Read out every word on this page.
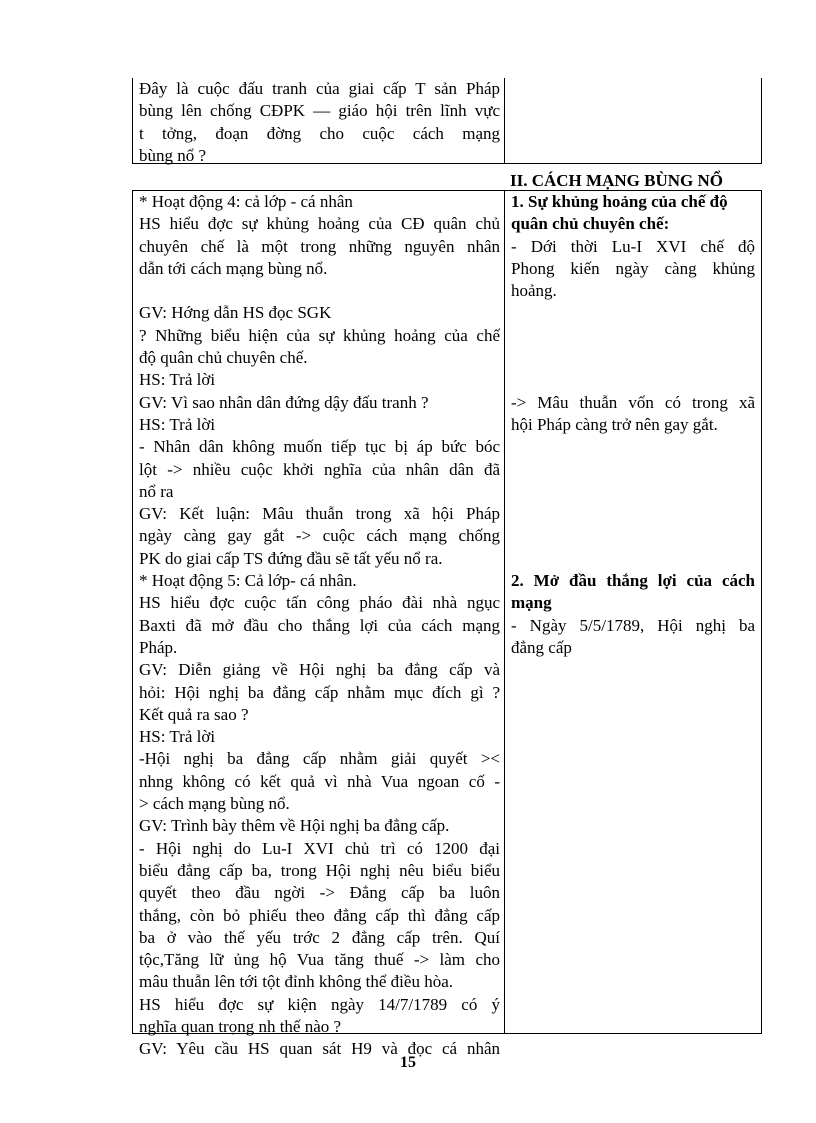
Đây là cuộc đấu tranh của giai cấp T sản Pháp
bùng lên chống CĐPK — giáo hội trên lĩnh vực
t tởng, đoạn đờng cho cuộc cách mạng
bùng nổ ?
II. CÁCH MẠNG BÙNG NỔ
* Hoạt động 4: cả lớp - cá nhân
HS hiểu đợc sự khủng hoảng của CĐ quân chủ
chuyên chế là một trong những nguyên nhân
dẫn tới cách mạng bùng nổ.
GV: Hớng dẫn HS đọc SGK
? Những biểu hiện của sự khủng hoảng của chế
độ quân chủ chuyên chế.
HS: Trả lời
GV: Vì sao nhân dân đứng dậy đấu tranh ?
HS: Trả lời
- Nhân dân không muốn tiếp tục bị áp bức bóc
lột -> nhiều cuộc khởi nghĩa của nhân dân đã
nổ ra
GV: Kết luận: Mâu thuẫn trong xã hội Pháp
ngày càng gay gắt -> cuộc cách mạng chống
PK do giai cấp TS đứng đầu sẽ tất yếu nổ ra.
* Hoạt động 5: Cả lớp- cá nhân.
HS hiểu đợc cuộc tấn công pháo đài nhà ngục
Baxti đã mở đầu cho thắng lợi của cách mạng
Pháp.
GV: Diễn giảng về Hội nghị ba đẳng cấp và
hỏi: Hội nghị ba đẳng cấp nhằm mục đích gì ?
Kết quả ra sao ?
HS: Trả lời
-Hội nghị ba đẳng cấp nhằm giải quyết ><
nhng không có kết quả vì nhà Vua ngoan cố -
> cách mạng bùng nổ.
GV: Trình bày thêm về Hội nghị ba đẳng cấp.
- Hội nghị do Lu-I XVI chủ trì có 1200 đại
biểu đẳng cấp ba, trong Hội nghị nêu biểu biểu
quyết theo đầu ngời -> Đẳng cấp ba luôn
thắng, còn bỏ phiếu theo đẳng cấp thì đẳng cấp
ba ở vào thế yếu trớc 2 đẳng cấp trên. Quí
tộc,Tăng lữ ủng hộ Vua tăng thuế -> làm cho
mâu thuẫn lên tới tột đỉnh không thể điều hòa.
HS hiểu đợc sự kiện ngày 14/7/1789 có ý
nghĩa quan trọng nh thế nào ?
GV: Yêu cầu HS quan sát H9 và đọc cá nhân
1. Sự khủng hoảng của chế độ
quân chủ chuyên chế:
- Dới thời Lu-I XVI chế độ
Phong kiến ngày càng khủng
hoảng.
-> Mâu thuẫn vốn có trong xã
hội Pháp càng trở nên gay gắt.
2. Mở đầu thắng lợi của cách
mạng
- Ngày 5/5/1789, Hội nghị ba
đẳng cấp
15
